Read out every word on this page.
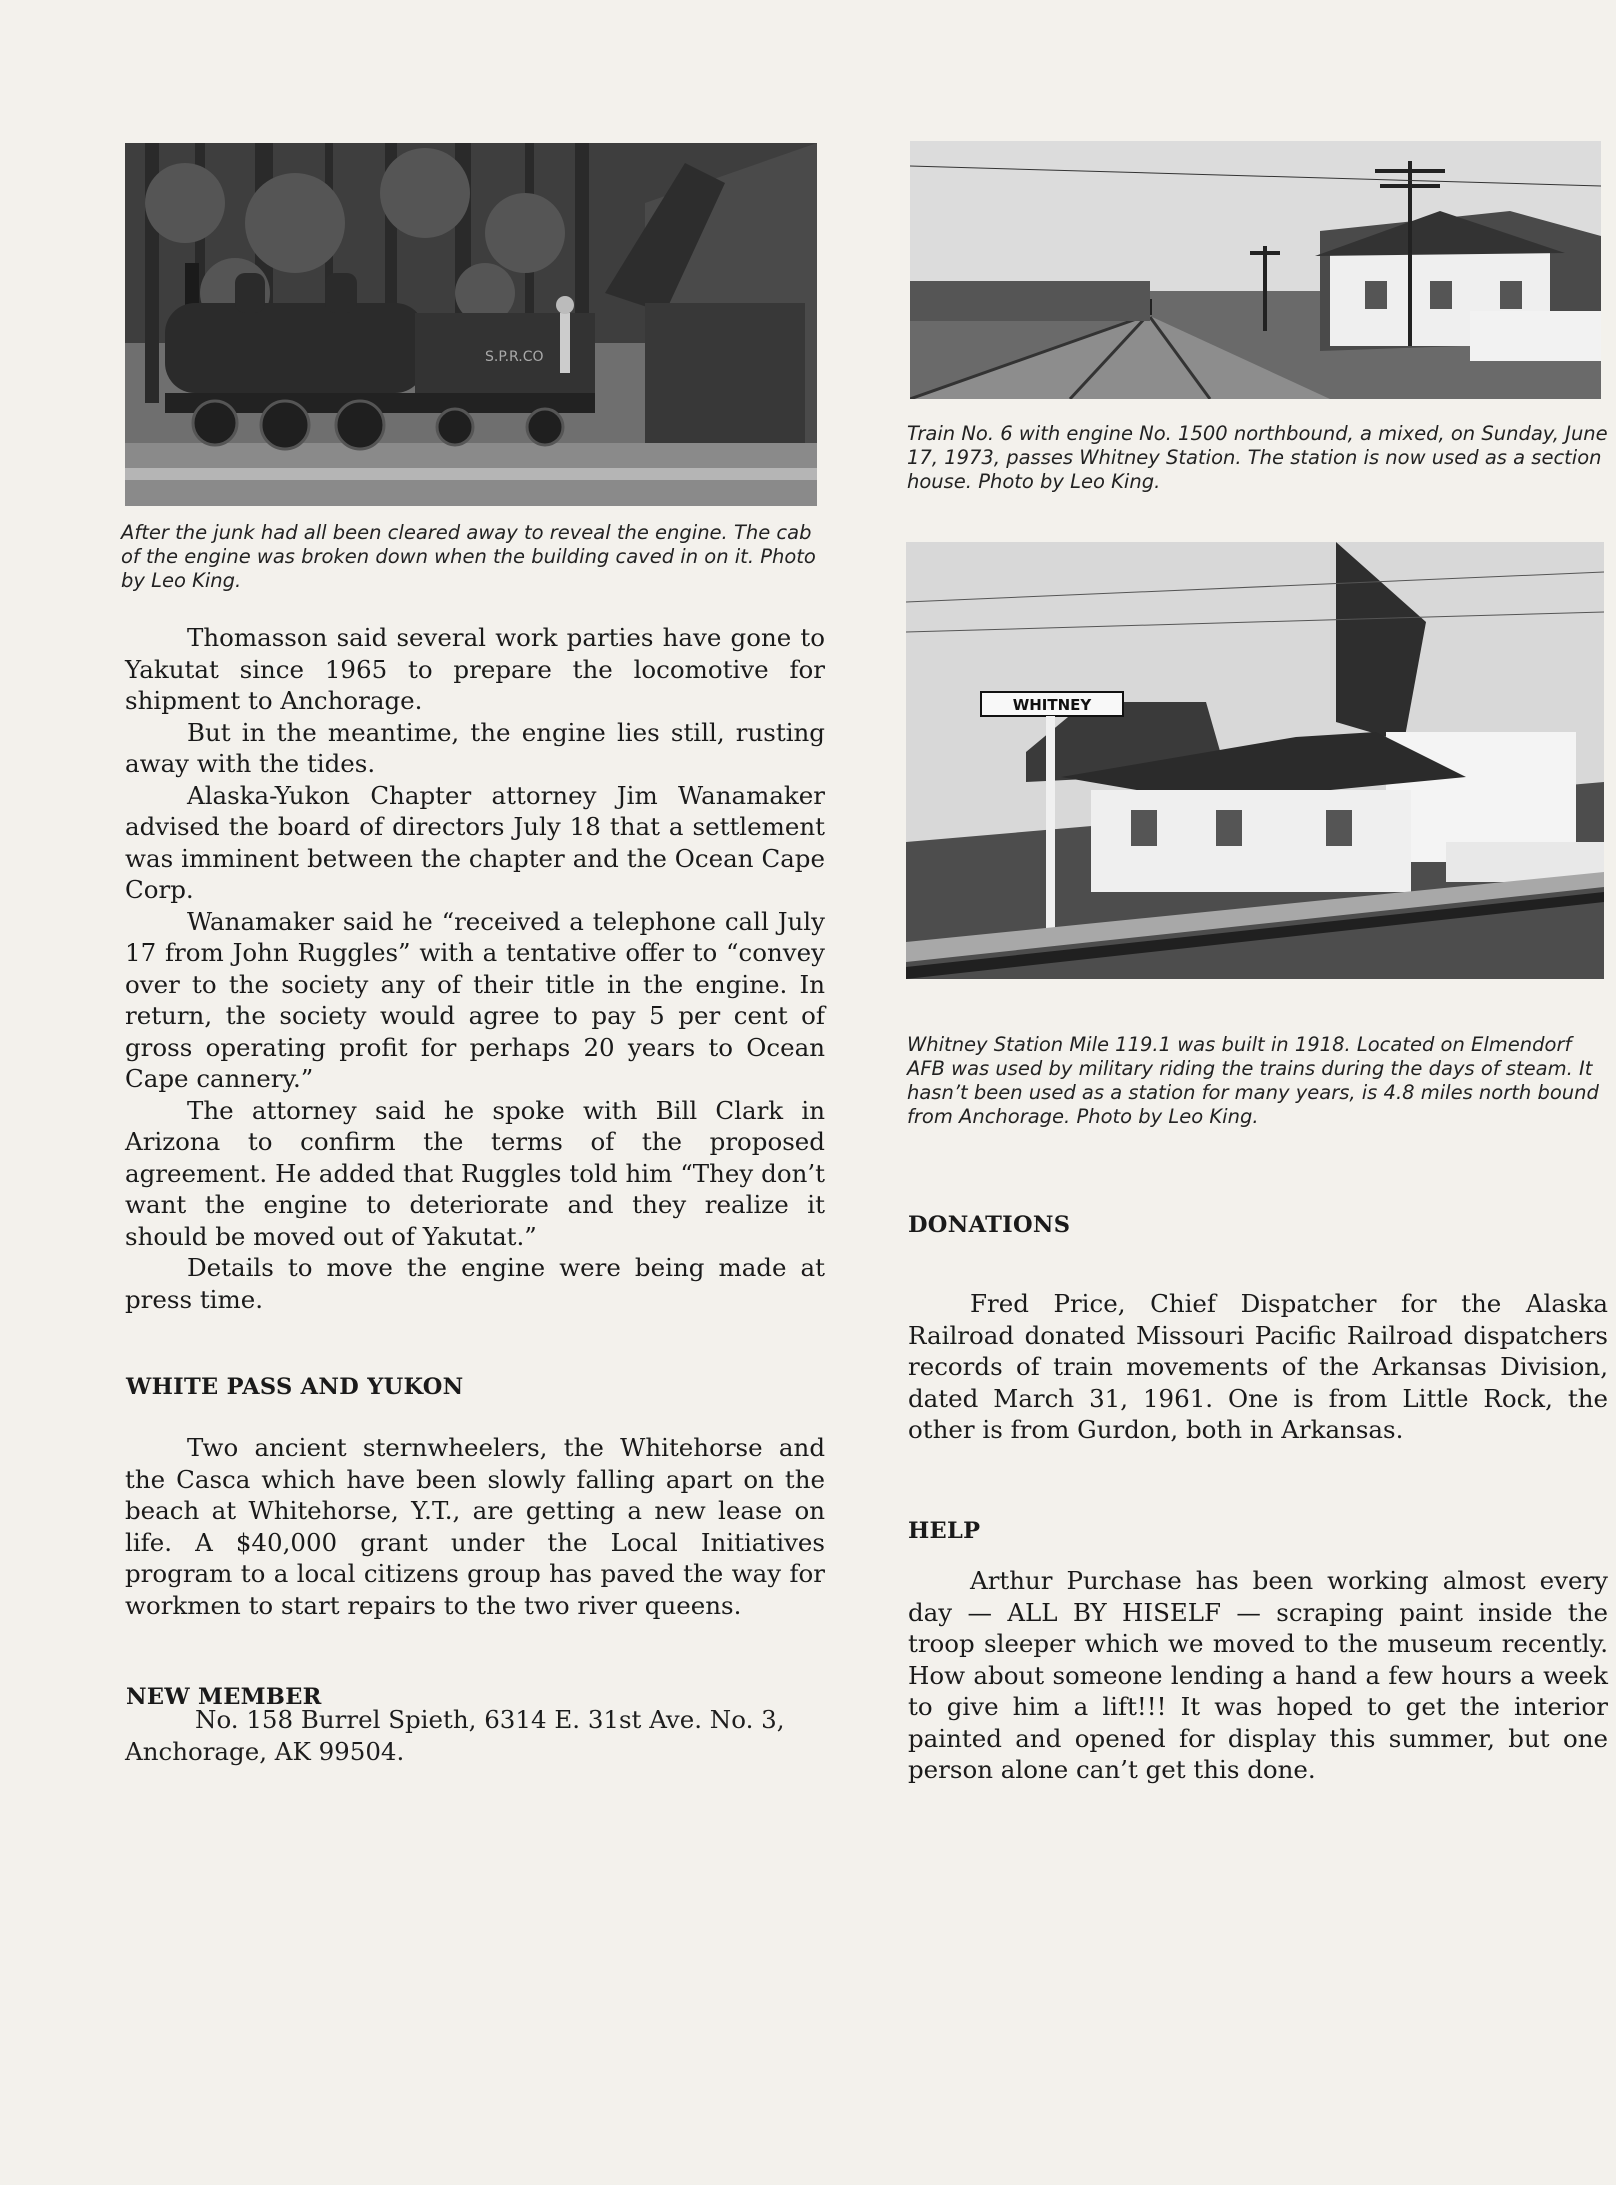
S.P.R.CO

After the junk had all been cleared away to reveal the engine. The cab of the engine was broken down when the building caved in on it. Photo by Leo King.

Thomasson said several work parties have gone to Yakutat since 1965 to prepare the locomotive for shipment to Anchorage.

But in the meantime, the engine lies still, rusting away with the tides.

Alaska-Yukon Chapter attorney Jim Wanamaker advised the board of directors July 18 that a settlement was imminent between the chapter and the Ocean Cape Corp.

Wanamaker said he “received a telephone call July 17 from John Ruggles” with a tentative offer to “convey over to the society any of their title in the engine. In return, the society would agree to pay 5 per cent of gross operating profit for perhaps 20 years to Ocean Cape cannery.”

The attorney said he spoke with Bill Clark in Arizona to confirm the terms of the proposed agreement. He added that Ruggles told him “They don’t want the engine to deteriorate and they realize it should be moved out of Yakutat.”

Details to move the engine were being made at press time.

WHITE PASS AND YUKON

Two ancient sternwheelers, the Whitehorse and the Casca which have been slowly falling apart on the beach at Whitehorse, Y.T., are getting a new lease on life. A $40,000 grant under the Local Initiatives program to a local citizens group has paved the way for workmen to start repairs to the two river queens.

NEW MEMBER
No. 158 Burrel Spieth, 6314 E. 31st Ave. No. 3,
Anchorage, AK 99504.

Train No. 6 with engine No. 1500 northbound, a mixed, on Sunday, June 17, 1973, passes Whitney Station. The station is now used as a section house. Photo by Leo King.

WHITNEY

Whitney Station Mile 119.1 was built in 1918. Located on Elmendorf AFB was used by military riding the trains during the days of steam. It hasn’t been used as a station for many years, is 4.8 miles north bound from Anchorage. Photo by Leo King.

DONATIONS

Fred Price, Chief Dispatcher for the Alaska Railroad donated Missouri Pacific Railroad dispatchers records of train movements of the Arkansas Division, dated March 31, 1961. One is from Little Rock, the other is from Gurdon, both in Arkansas.

HELP

Arthur Purchase has been working almost every day — ALL BY HISELF — scraping paint inside the troop sleeper which we moved to the museum recently. How about someone lending a hand a few hours a week to give him a lift!!! It was hoped to get the interior painted and opened for display this summer, but one person alone can’t get this done.
